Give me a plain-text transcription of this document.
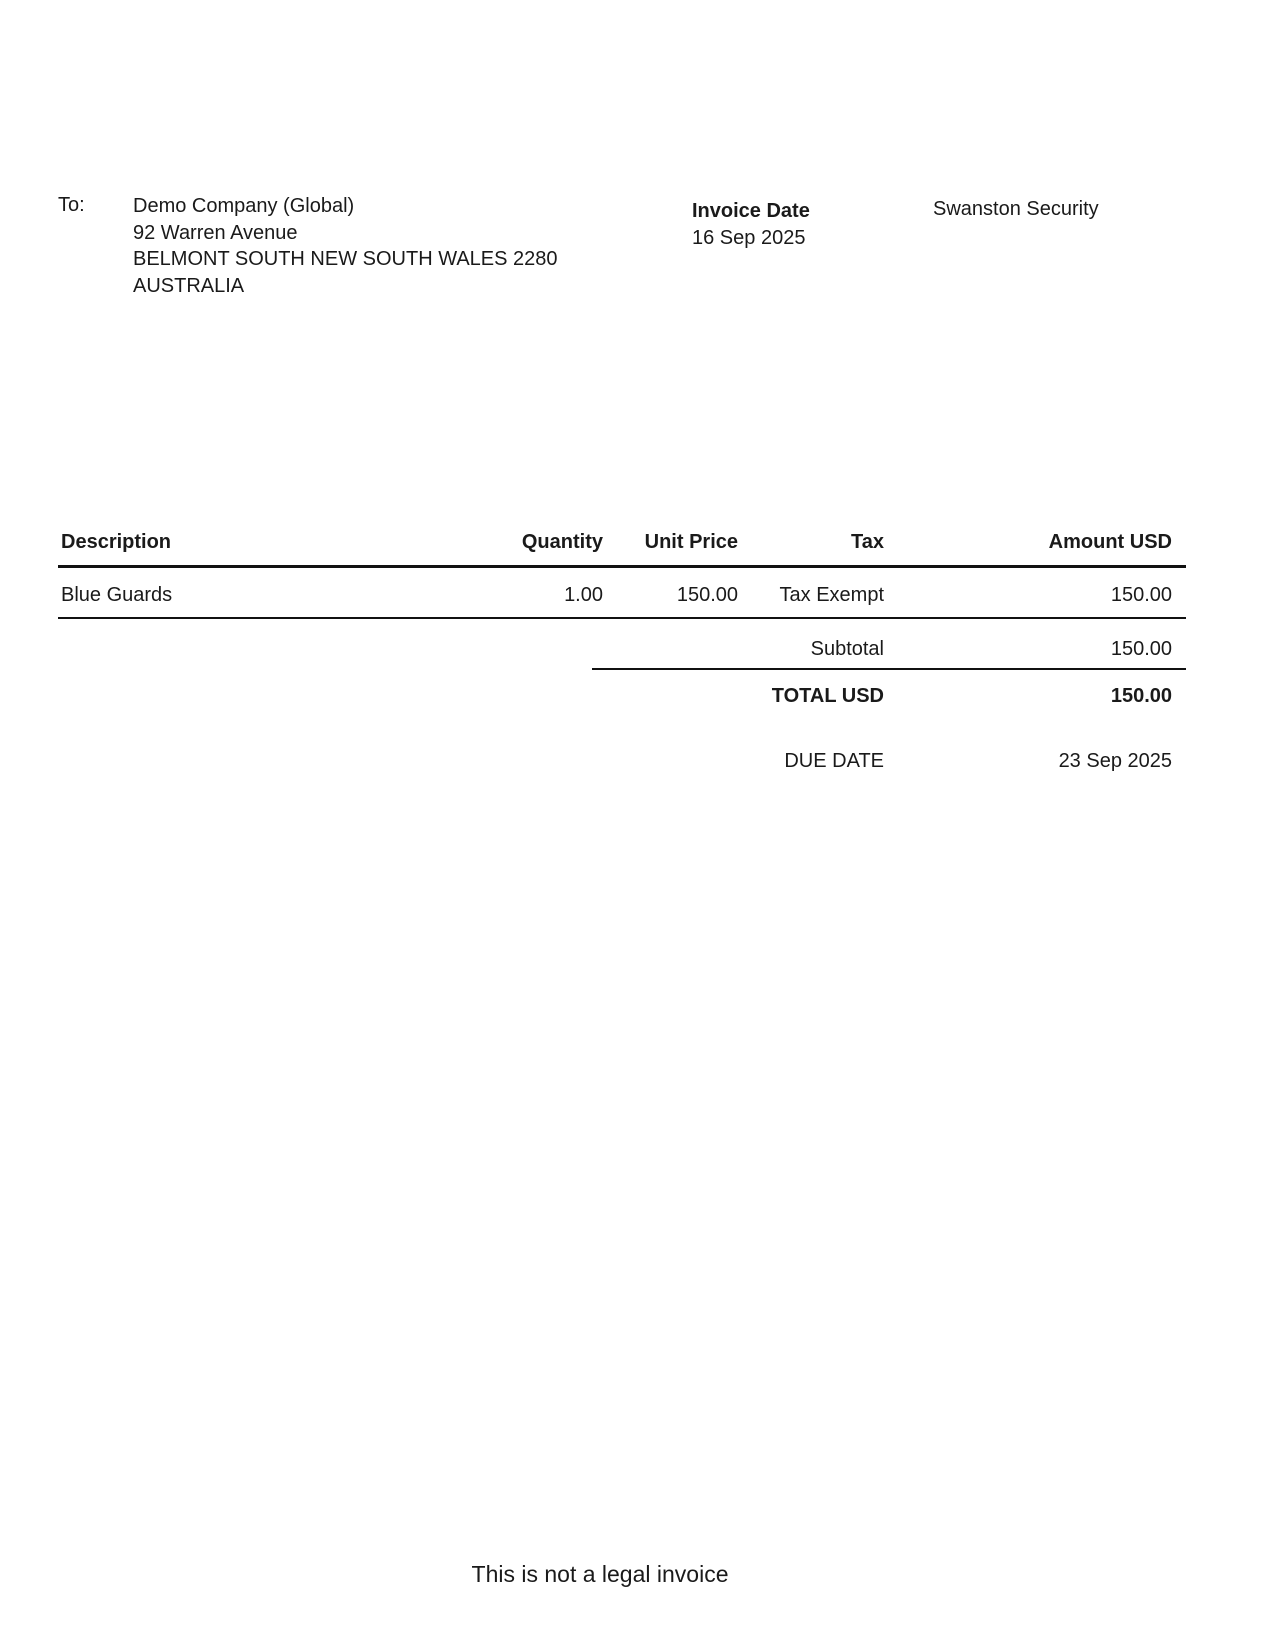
To: Demo Company (Global)
92 Warren Avenue
BELMONT SOUTH NEW SOUTH WALES 2280
AUSTRALIA
Invoice Date
16 Sep 2025
Swanston Security
Description	Quantity	Unit Price	Tax	Amount USD
Blue Guards	1.00	150.00	Tax Exempt	150.00
Subtotal	150.00
TOTAL USD	150.00
DUE DATE	23 Sep 2025
This is not a legal invoice
